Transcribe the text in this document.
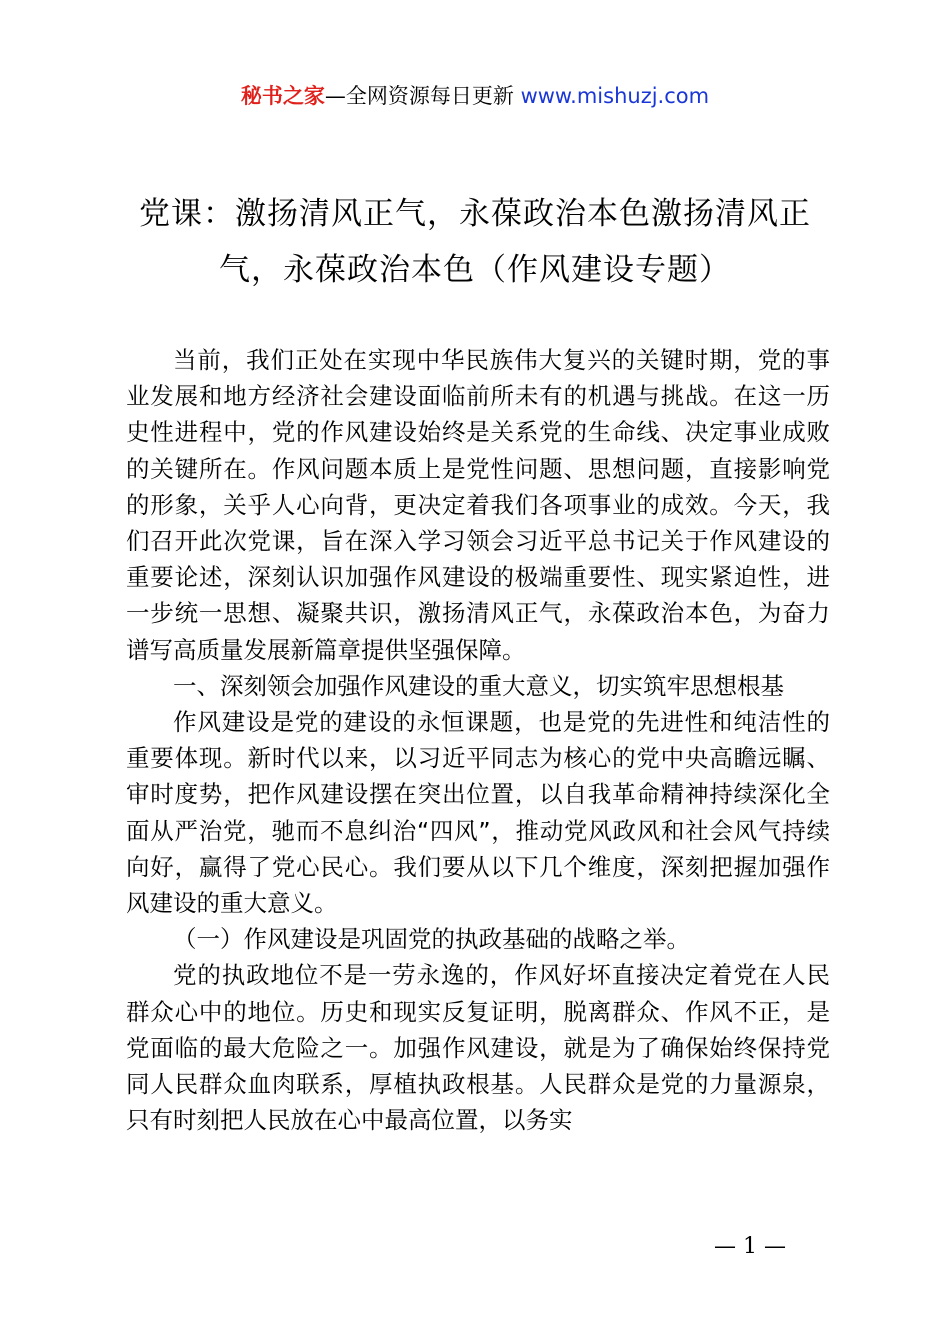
秘书之家—全网资源每日更新 www.mishuzj.com
党课：激扬清风正气，永葆政治本色激扬清风正气，永葆政治本色（作风建设专题）

当前，我们正处在实现中华民族伟大复兴的关键时期，党的事业发展和地方经济社会建设面临前所未有的机遇与挑战。在这一历史性进程中，党的作风建设始终是关系党的生命线、决定事业成败的关键所在。作风问题本质上是党性问题、思想问题，直接影响党的形象，关乎人心向背，更决定着我们各项事业的成效。今天，我们召开此次党课，旨在深入学习领会习近平总书记关于作风建设的重要论述，深刻认识加强作风建设的极端重要性、现实紧迫性，进一步统一思想、凝聚共识，激扬清风正气，永葆政治本色，为奋力谱写高质量发展新篇章提供坚强保障。

一、深刻领会加强作风建设的重大意义，切实筑牢思想根基

作风建设是党的建设的永恒课题，也是党的先进性和纯洁性的重要体现。新时代以来，以习近平同志为核心的党中央高瞻远瞩、审时度势，把作风建设摆在突出位置，以自我革命精神持续深化全面从严治党，驰而不息纠治“四风”，推动党风政风和社会风气持续向好，赢得了党心民心。我们要从以下几个维度，深刻把握加强作风建设的重大意义。

（一）作风建设是巩固党的执政基础的战略之举。

党的执政地位不是一劳永逸的，作风好坏直接决定着党在人民群众心中的地位。历史和现实反复证明，脱离群众、作风不正，是党面临的最大危险之一。加强作风建设，就是为了确保始终保持党同人民群众血肉联系，厚植执政根基。人民群众是党的力量源泉，只有时刻把人民放在心中最高位置，以务实

— 1 —
